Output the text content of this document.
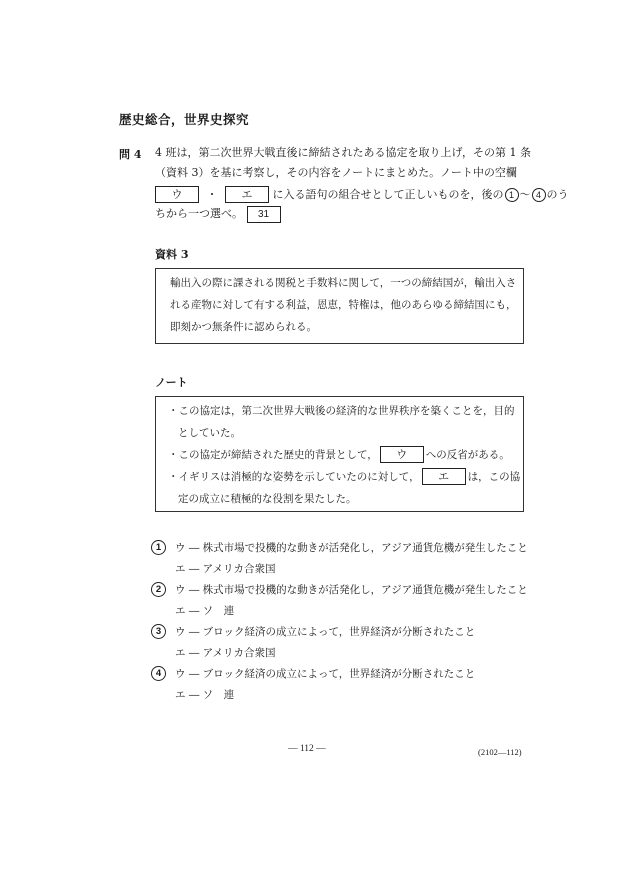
歴史総合，世界史探究
問 4 4 班は，第二次世界大戦直後に締結されたある協定を取り上げ，その第 1 条
（資料 3）を基に考察し，その内容をノートにまとめた。ノート中の空欄
ウ ・ エ に入る語句の組合せとして正しいものを，後の 1 ～ 4 のう
ちから一つ選べ。 31
資料 3
輸出入の際に課される関税と手数料に関して，一つの締結国が，輸出入さ
れる産物に対して有する利益，恩恵，特権は，他のあらゆる締結国にも，
即刻かつ無条件に認められる。
ノート
・この協定は，第二次世界大戦後の経済的な世界秩序を築くことを，目的
としていた。
・この協定が締結された歴史的背景として， ウ への反省がある。
・イギリスは消極的な姿勢を示していたのに対して， エ は，この協
定の成立に積極的な役割を果たした。
1	ウ ― 株式市場で投機的な動きが活発化し，アジア通貨危機が発生したこと
エ ― アメリカ合衆国
2	ウ ― 株式市場で投機的な動きが活発化し，アジア通貨危機が発生したこと
エ ― ソ　連
3	ウ ― ブロック経済の成立によって，世界経済が分断されたこと
エ ― アメリカ合衆国
4	ウ ― ブロック経済の成立によって，世界経済が分断されたこと
エ ― ソ　連
― 112 ―	(2102―112)
